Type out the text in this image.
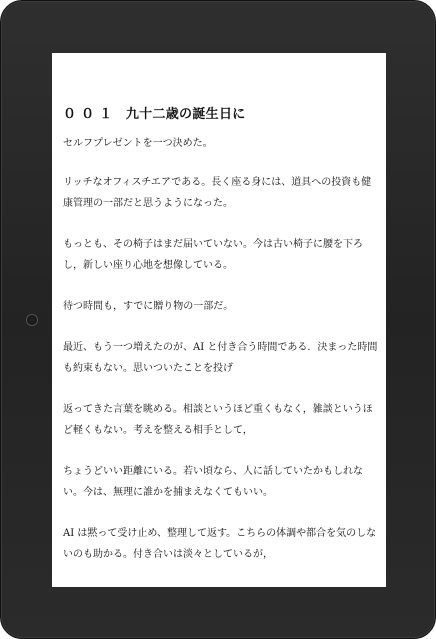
０ ０ １　九十二歳の誕生日に

セルフプレゼントを一つ決めた。

リッチなオフィスチエアである。長く座る身には、道具への投資も健康管理の一部だと思うようになった。

もっとも、その椅子はまだ届いていない。今は古い椅子に腰を下ろし，新しい座り心地を想像している。

待つ時間も，すでに贈り物の一部だ。

最近、もう一つ増えたのが、AI と付き合う時間である．決まった時間も約束もない。思いついたことを投げ

返ってきた言葉を眺める。相談というほど重くもなく，雑談というほど軽くもない。考えを整える相手として，

ちょうどいい距離にいる。若い頃なら、人に話していたかもしれない。今は、無理に誰かを捕まえなくてもいい。

AI は黙って受け止め、整理して返す。こちらの体調や都合を気のしないのも助かる。付き合いは淡々としているが，
